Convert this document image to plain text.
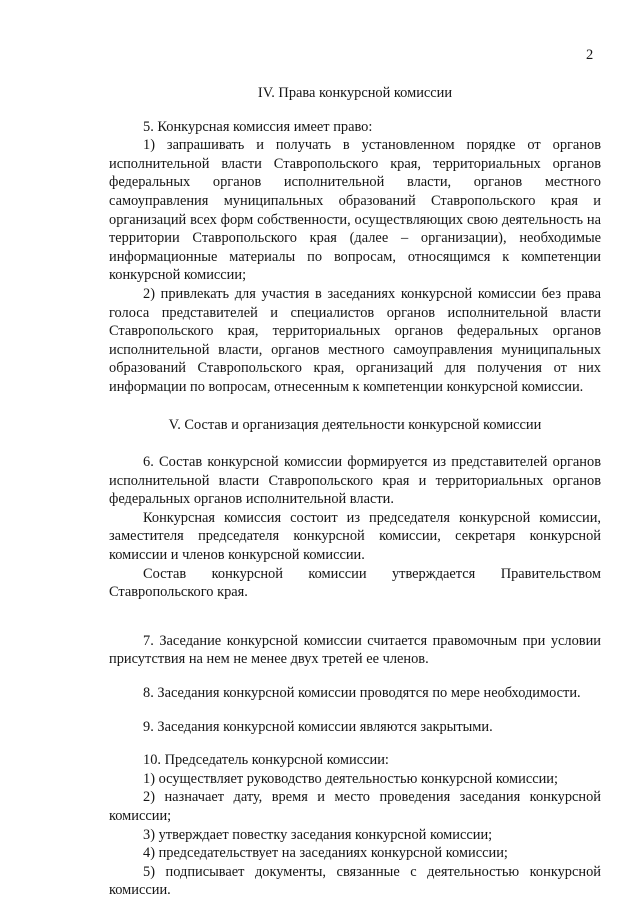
2

IV. Права конкурсной комиссии

5. Конкурсная комиссия имеет право:

1) запрашивать и получать в установленном порядке от органов исполнительной власти Ставропольского края, территориальных органов федеральных органов исполнительной власти, органов местного самоуправления муниципальных образований Ставропольского края и организаций всех форм собственности, осуществляющих свою деятельность на территории Ставропольского края (далее – организации), необходимые информационные материалы по вопросам, относящимся к компетенции конкурсной комиссии;

2) привлекать для участия в заседаниях конкурсной комиссии без права голоса представителей и специалистов органов исполнительной власти Ставропольского края, территориальных органов федеральных органов исполнительной власти, органов местного самоуправления муниципальных образований Ставропольского края, организаций для получения от них информации по вопросам, отнесенным к компетенции конкурсной комиссии.

V. Состав и организация деятельности конкурсной комиссии

6. Состав конкурсной комиссии формируется из представителей органов исполнительной власти Ставропольского края и территориальных органов федеральных органов исполнительной власти.

Конкурсная комиссия состоит из председателя конкурсной комиссии, заместителя председателя конкурсной комиссии, секретаря конкурсной комиссии и членов конкурсной комиссии.

Состав конкурсной комиссии утверждается Правительством Ставропольского края.

7. Заседание конкурсной комиссии считается правомочным при условии присутствия на нем не менее двух третей ее членов.

8. Заседания конкурсной комиссии проводятся по мере необходимости.

9. Заседания конкурсной комиссии являются закрытыми.

10. Председатель конкурсной комиссии:

1) осуществляет руководство деятельностью конкурсной комиссии;

2) назначает дату, время и место проведения заседания конкурсной комиссии;

3) утверждает повестку заседания конкурсной комиссии;

4) председательствует на заседаниях конкурсной комиссии;

5) подписывает документы, связанные с деятельностью конкурсной комиссии.
